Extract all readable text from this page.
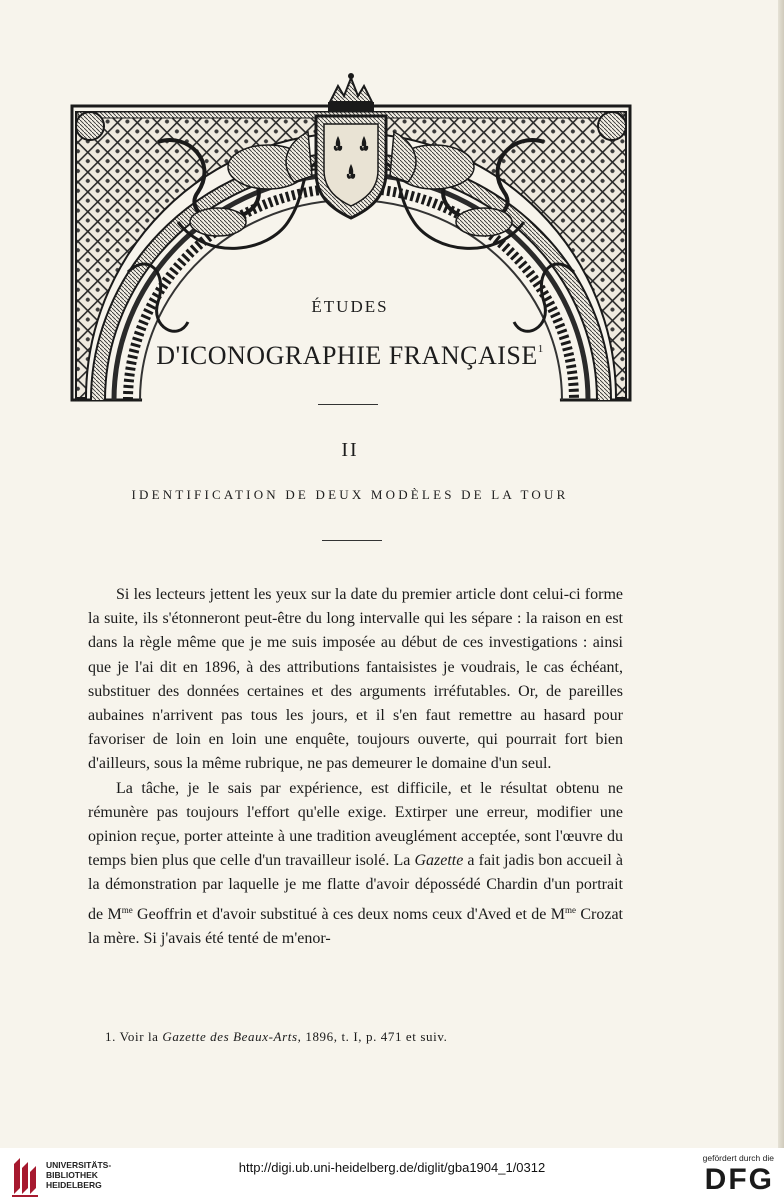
·····
ÉTUDES
D'ICONOGRAPHIE FRANÇAISE$^1$
II
IDENTIFICATION DE DEUX MODÈLES DE LA TOUR

Si les lecteurs jettent les yeux sur la date du premier article dont celui-ci forme la suite, ils s'étonneront peut-être du long intervalle qui les sépare : la raison en est dans la règle même que je me suis imposée au début de ces investigations : ainsi que je l'ai dit en 1896, à des attributions fantaisistes je voudrais, le cas échéant, substituer des données certaines et des arguments irréfutables. Or, de pareilles aubaines n'arrivent pas tous les jours, et il s'en faut remettre au hasard pour favoriser de loin en loin une enquête, toujours ouverte, qui pourrait fort bien d'ailleurs, sous la même rubrique, ne pas demeurer le domaine d'un seul.

La tâche, je le sais par expérience, est difficile, et le résultat obtenu ne rémunère pas toujours l'effort qu'elle exige. Extirper une erreur, modifier une opinion reçue, porter atteinte à une tradition aveuglément acceptée, sont l'œuvre du temps bien plus que celle d'un travailleur isolé. La Gazette a fait jadis bon accueil à la démonstration par laquelle je me flatte d'avoir dépossédé Chardin d'un portrait de $M^{me}$ Geoffrin et d'avoir substitué à ces deux noms ceux d'Aved et de $M^{me}$ Crozat la mère. Si j'avais été tenté de m'enor-

1. Voir la Gazette des Beaux-Arts, 1896, t. I, p. 471 et suiv.
UNIVERSITÄTS-
BIBLIOTHEK
HEIDELBERG
http://digi.ub.uni-heidelberg.de/diglit/gba1904_1/0312
gefördert durch die
DFG
